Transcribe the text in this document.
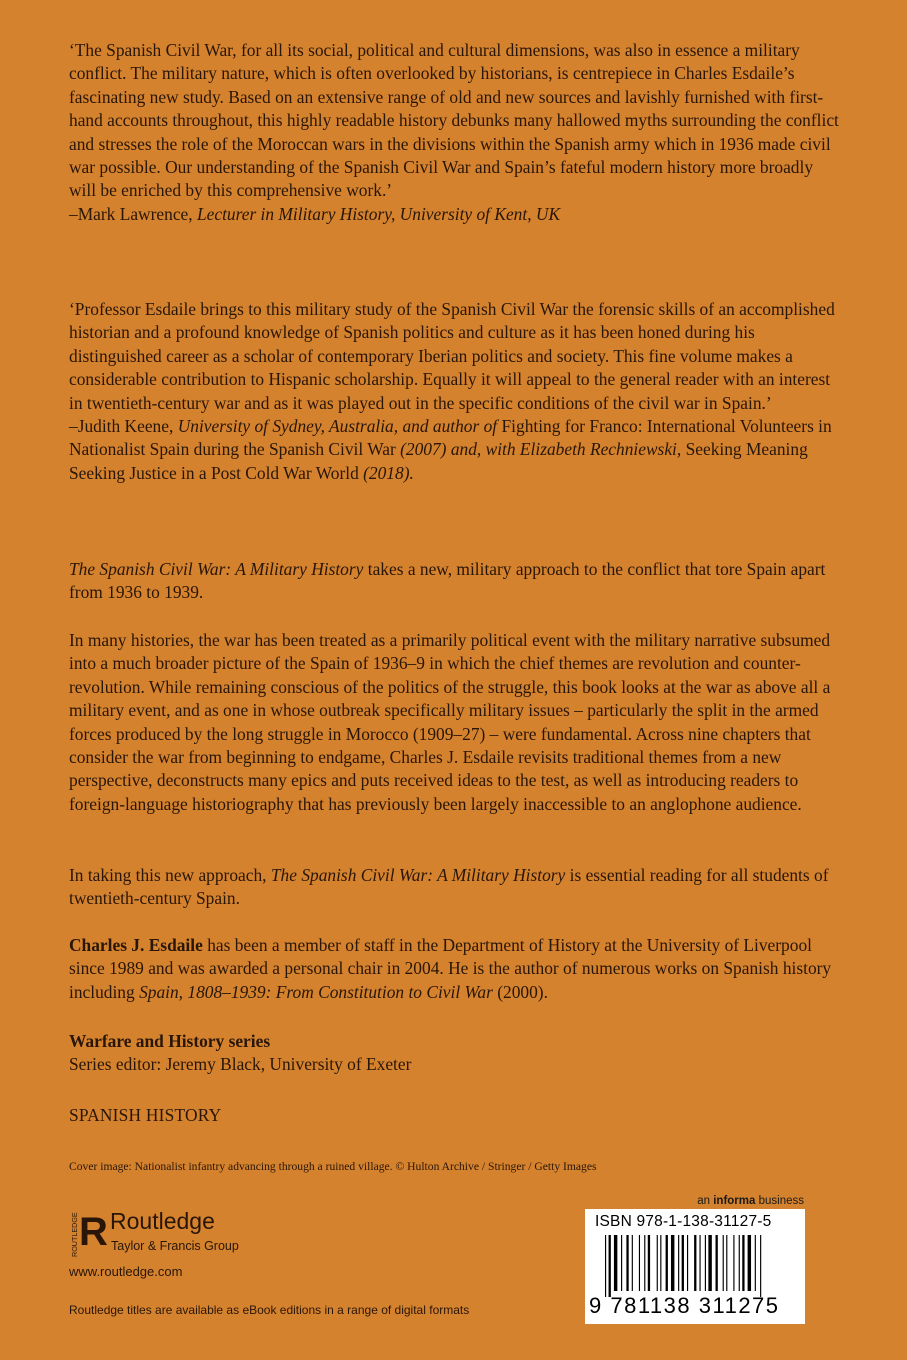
‘The Spanish Civil War, for all its social, political and cultural dimensions, was also in essence a military conflict. The military nature, which is often overlooked by historians, is centrepiece in Charles Esdaile’s fascinating new study. Based on an extensive range of old and new sources and lavishly furnished with first-hand accounts throughout, this highly readable history debunks many hallowed myths surrounding the conflict and stresses the role of the Moroccan wars in the divisions within the Spanish army which in 1936 made civil war possible. Our understanding of the Spanish Civil War and Spain’s fateful modern history more broadly will be enriched by this comprehensive work.’

–Mark Lawrence, Lecturer in Military History, University of Kent, UK

‘Professor Esdaile brings to this military study of the Spanish Civil War the forensic skills of an accomplished historian and a profound knowledge of Spanish politics and culture as it has been honed during his distinguished career as a scholar of contemporary Iberian politics and society. This fine volume makes a considerable contribution to Hispanic scholarship. Equally it will appeal to the general reader with an interest in twentieth-century war and as it was played out in the specific conditions of the civil war in Spain.’

–Judith Keene, University of Sydney, Australia, and author of Fighting for Franco: International Volunteers in Nationalist Spain during the Spanish Civil War (2007) and, with Elizabeth Rechniewski, Seeking Meaning Seeking Justice in a Post Cold War World (2018).

The Spanish Civil War: A Military History takes a new, military approach to the conflict that tore Spain apart from 1936 to 1939.

In many histories, the war has been treated as a primarily political event with the military narrative subsumed into a much broader picture of the Spain of 1936–9 in which the chief themes are revolution and counter-revolution. While remaining conscious of the politics of the struggle, this book looks at the war as above all a military event, and as one in whose outbreak specifically military issues – particularly the split in the armed forces produced by the long struggle in Morocco (1909–27) – were fundamental. Across nine chapters that consider the war from beginning to endgame, Charles J. Esdaile revisits traditional themes from a new perspective, deconstructs many epics and puts received ideas to the test, as well as introducing readers to foreign-language historiography that has previously been largely inaccessible to an anglophone audience.

In taking this new approach, The Spanish Civil War: A Military History is essential reading for all students of twentieth-century Spain.

Charles J. Esdaile has been a member of staff in the Department of History at the University of Liverpool since 1989 and was awarded a personal chair in 2004. He is the author of numerous works on Spanish history including Spain, 1808–1939: From Constitution to Civil War (2000).

Warfare and History series

Series editor: Jeremy Black, University of Exeter

SPANISH HISTORY
Cover image: Nationalist infantry advancing through a ruined village. © Hulton Archive / Stringer / Getty Images
ROUTLEDGE R Routledge
Taylor & Francis Group
www.routledge.com
Routledge titles are available as eBook editions in a range of digital formats
an informa business
ISBN 978-1-138-31127-5
9 781138 311275
